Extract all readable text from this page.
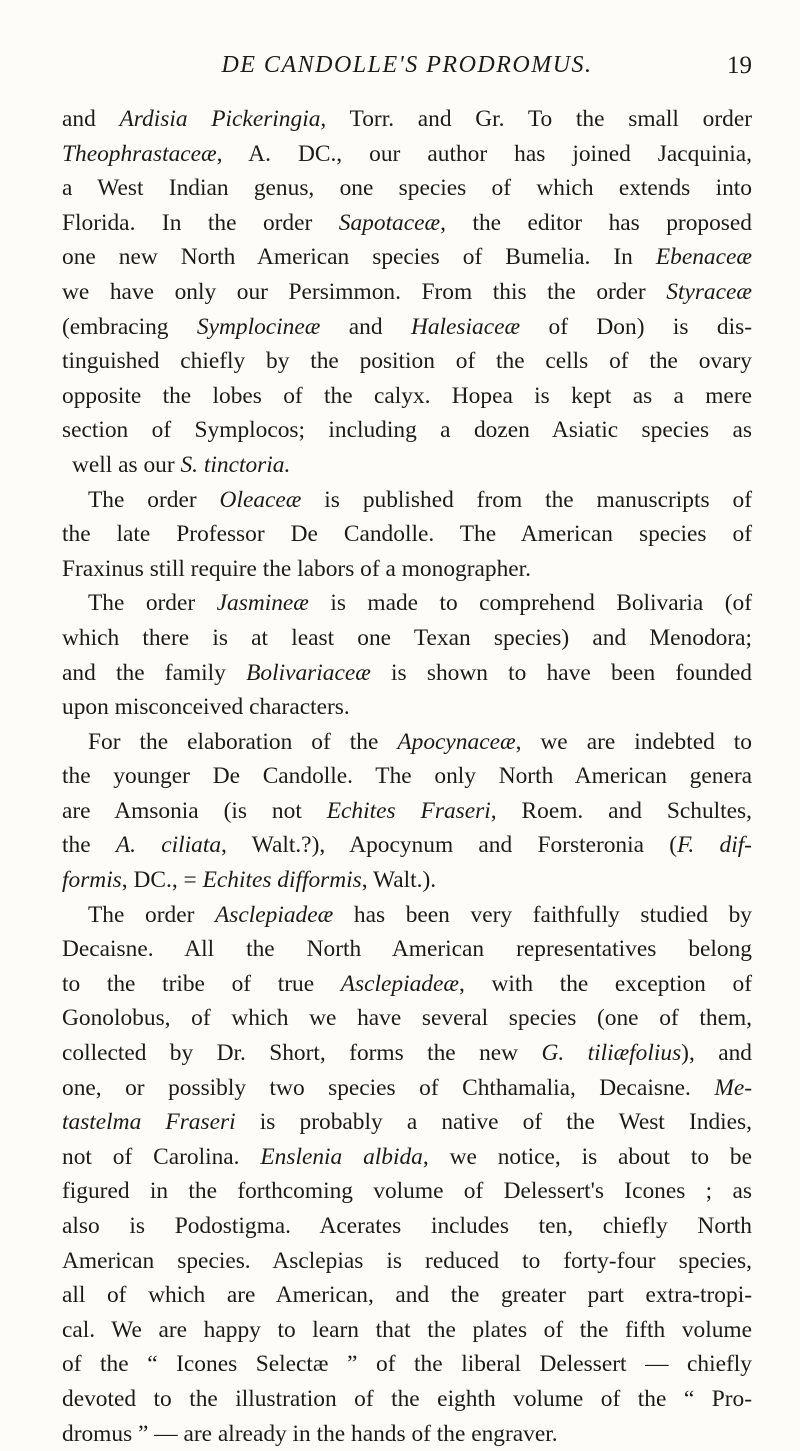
DE CANDOLLE'S PRODROMUS.	19
and Ardisia Pickeringia, Torr. and Gr. To the small order
Theophrastaceæ, A. DC., our author has joined Jacquinia,
a West Indian genus, one species of which extends into
Florida. In the order Sapotaceæ, the editor has proposed
one new North American species of Bumelia. In Ebenaceæ
we have only our Persimmon. From this the order Styraceæ
(embracing Symplocineæ and Halesiaceæ of Don) is dis-
tinguished chiefly by the position of the cells of the ovary
opposite the lobes of the calyx. Hopea is kept as a mere
section of Symplocos; including a dozen Asiatic species as
well as our S. tinctoria.
The order Oleaceæ is published from the manuscripts of
the late Professor De Candolle. The American species of
Fraxinus still require the labors of a monographer.
The order Jasmineæ is made to comprehend Bolivaria (of
which there is at least one Texan species) and Menodora;
and the family Bolivariaceæ is shown to have been founded
upon misconceived characters.
For the elaboration of the Apocynaceæ, we are indebted to
the younger De Candolle. The only North American genera
are Amsonia (is not Echites Fraseri, Roem. and Schultes,
the A. ciliata, Walt.?), Apocynum and Forsteronia (F. dif-
formis, DC., = Echites difformis, Walt.).
The order Asclepiadeæ has been very faithfully studied by
Decaisne. All the North American representatives belong
to the tribe of true Asclepiadeæ, with the exception of
Gonolobus, of which we have several species (one of them,
collected by Dr. Short, forms the new G. tiliæfolius), and
one, or possibly two species of Chthamalia, Decaisne. Me-
tastelma Fraseri is probably a native of the West Indies,
not of Carolina. Enslenia albida, we notice, is about to be
figured in the forthcoming volume of Delessert's Icones ; as
also is Podostigma. Acerates includes ten, chiefly North
American species. Asclepias is reduced to forty-four species,
all of which are American, and the greater part extra-tropi-
cal. We are happy to learn that the plates of the fifth volume
of the “ Icones Selectæ ” of the liberal Delessert — chiefly
devoted to the illustration of the eighth volume of the “ Pro-
dromus ” — are already in the hands of the engraver.
